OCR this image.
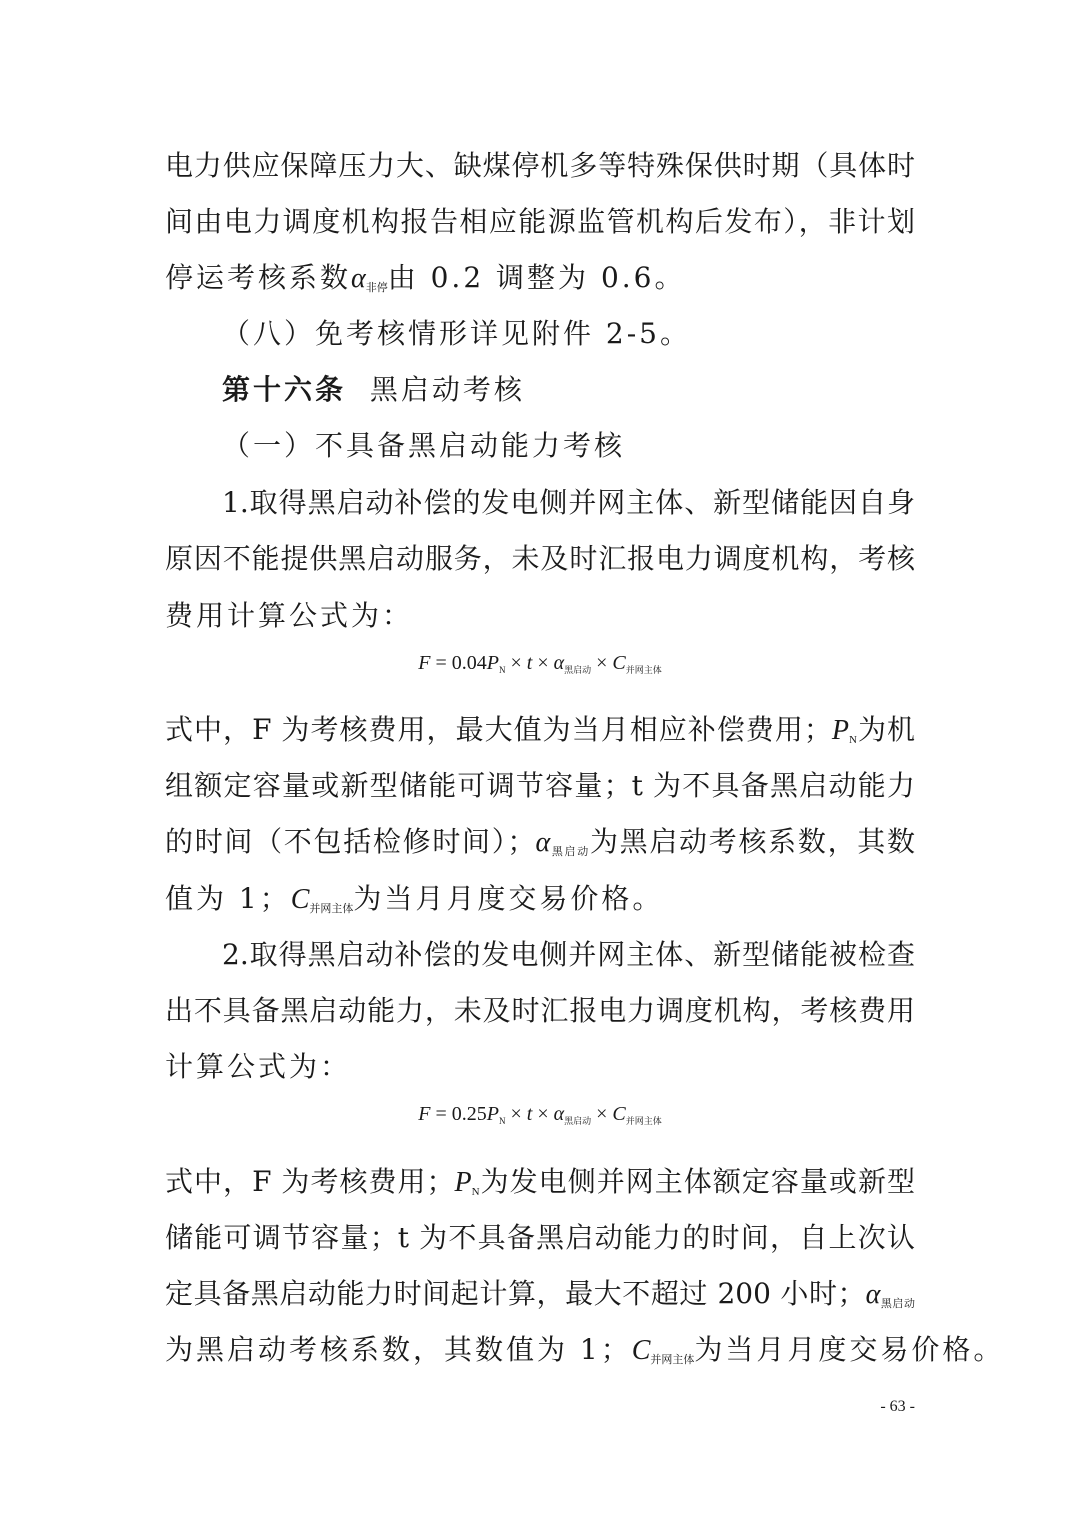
电力供应保障压力大、缺煤停机多等特殊保供时期（具体时
间由电力调度机构报告相应能源监管机构后发布），非计划
停运考核系数$\alpha_{非停}$由 0.2 调整为 0.6。
（八）免考核情形详见附件 2-5。
第十六条 黑启动考核
（一）不具备黑启动能力考核
1.取得黑启动补偿的发电侧并网主体、新型储能因自身
原因不能提供黑启动服务，未及时汇报电力调度机构，考核
费用计算公式为：
$F = 0.04P_N \times t \times \alpha_{黑启动} \times C_{并网主体}$
式中，F 为考核费用，最大值为当月相应补偿费用；$P_N$为机
组额定容量或新型储能可调节容量；t 为不具备黑启动能力
的时间（不包括检修时间）；$\alpha_{黑启动}$为黑启动考核系数，其数
值为 1；$C_{并网主体}$为当月月度交易价格。
2.取得黑启动补偿的发电侧并网主体、新型储能被检查
出不具备黑启动能力，未及时汇报电力调度机构，考核费用
计算公式为：
$F = 0.25P_N \times t \times \alpha_{黑启动} \times C_{并网主体}$
式中，F 为考核费用；$P_N$为发电侧并网主体额定容量或新型
储能可调节容量；t 为不具备黑启动能力的时间，自上次认
定具备黑启动能力时间起计算，最大不超过 200 小时；$\alpha_{黑启动}$
为黑启动考核系数，其数值为 1；$C_{并网主体}$为当月月度交易价格。
- 63 -
